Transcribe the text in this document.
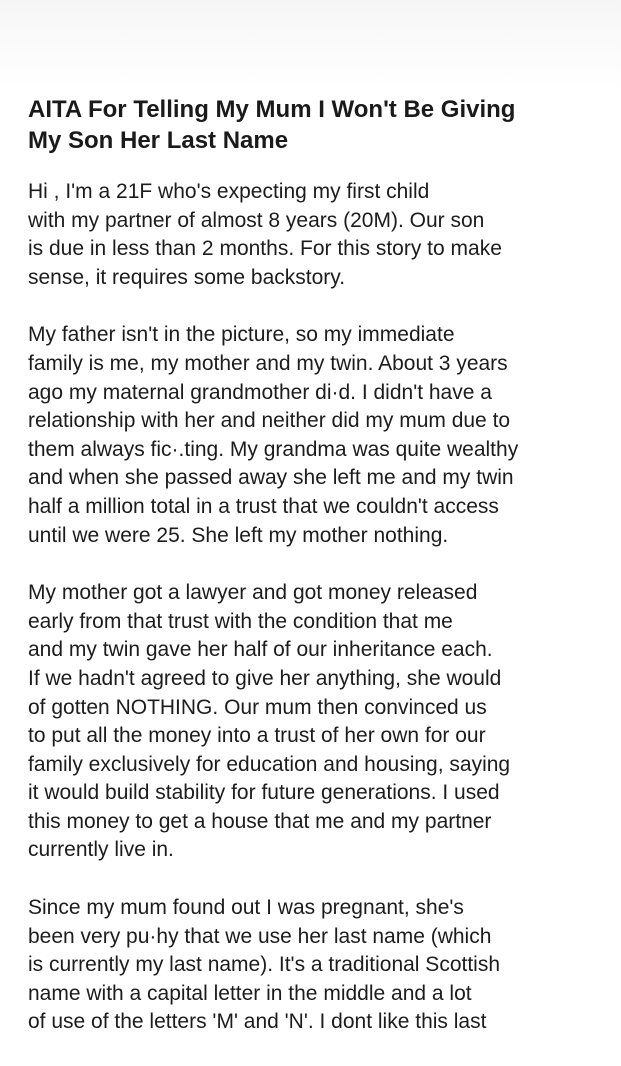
AITA For Telling My Mum I Won't Be Giving
My Son Her Last Name
Hi , I'm a 21F who's expecting my first child
with my partner of almost 8 years (20M). Our son
is due in less than 2 months. For this story to make
sense, it requires some backstory.
My father isn't in the picture, so my immediate
family is me, my mother and my twin. About 3 years
ago my maternal grandmother di·d. I didn't have a
relationship with her and neither did my mum due to
them always fic·.ting. My grandma was quite wealthy
and when she passed away she left me and my twin
half a million total in a trust that we couldn't access
until we were 25. She left my mother nothing.
My mother got a lawyer and got money released
early from that trust with the condition that me
and my twin gave her half of our inheritance each.
If we hadn't agreed to give her anything, she would
of gotten NOTHING. Our mum then convinced us
to put all the money into a trust of her own for our
family exclusively for education and housing, saying
it would build stability for future generations. I used
this money to get a house that me and my partner
currently live in.
Since my mum found out I was pregnant, she's
been very pu·hy that we use her last name (which
is currently my last name). It's a traditional Scottish
name with a capital letter in the middle and a lot
of use of the letters 'M' and 'N'. I dont like this last
